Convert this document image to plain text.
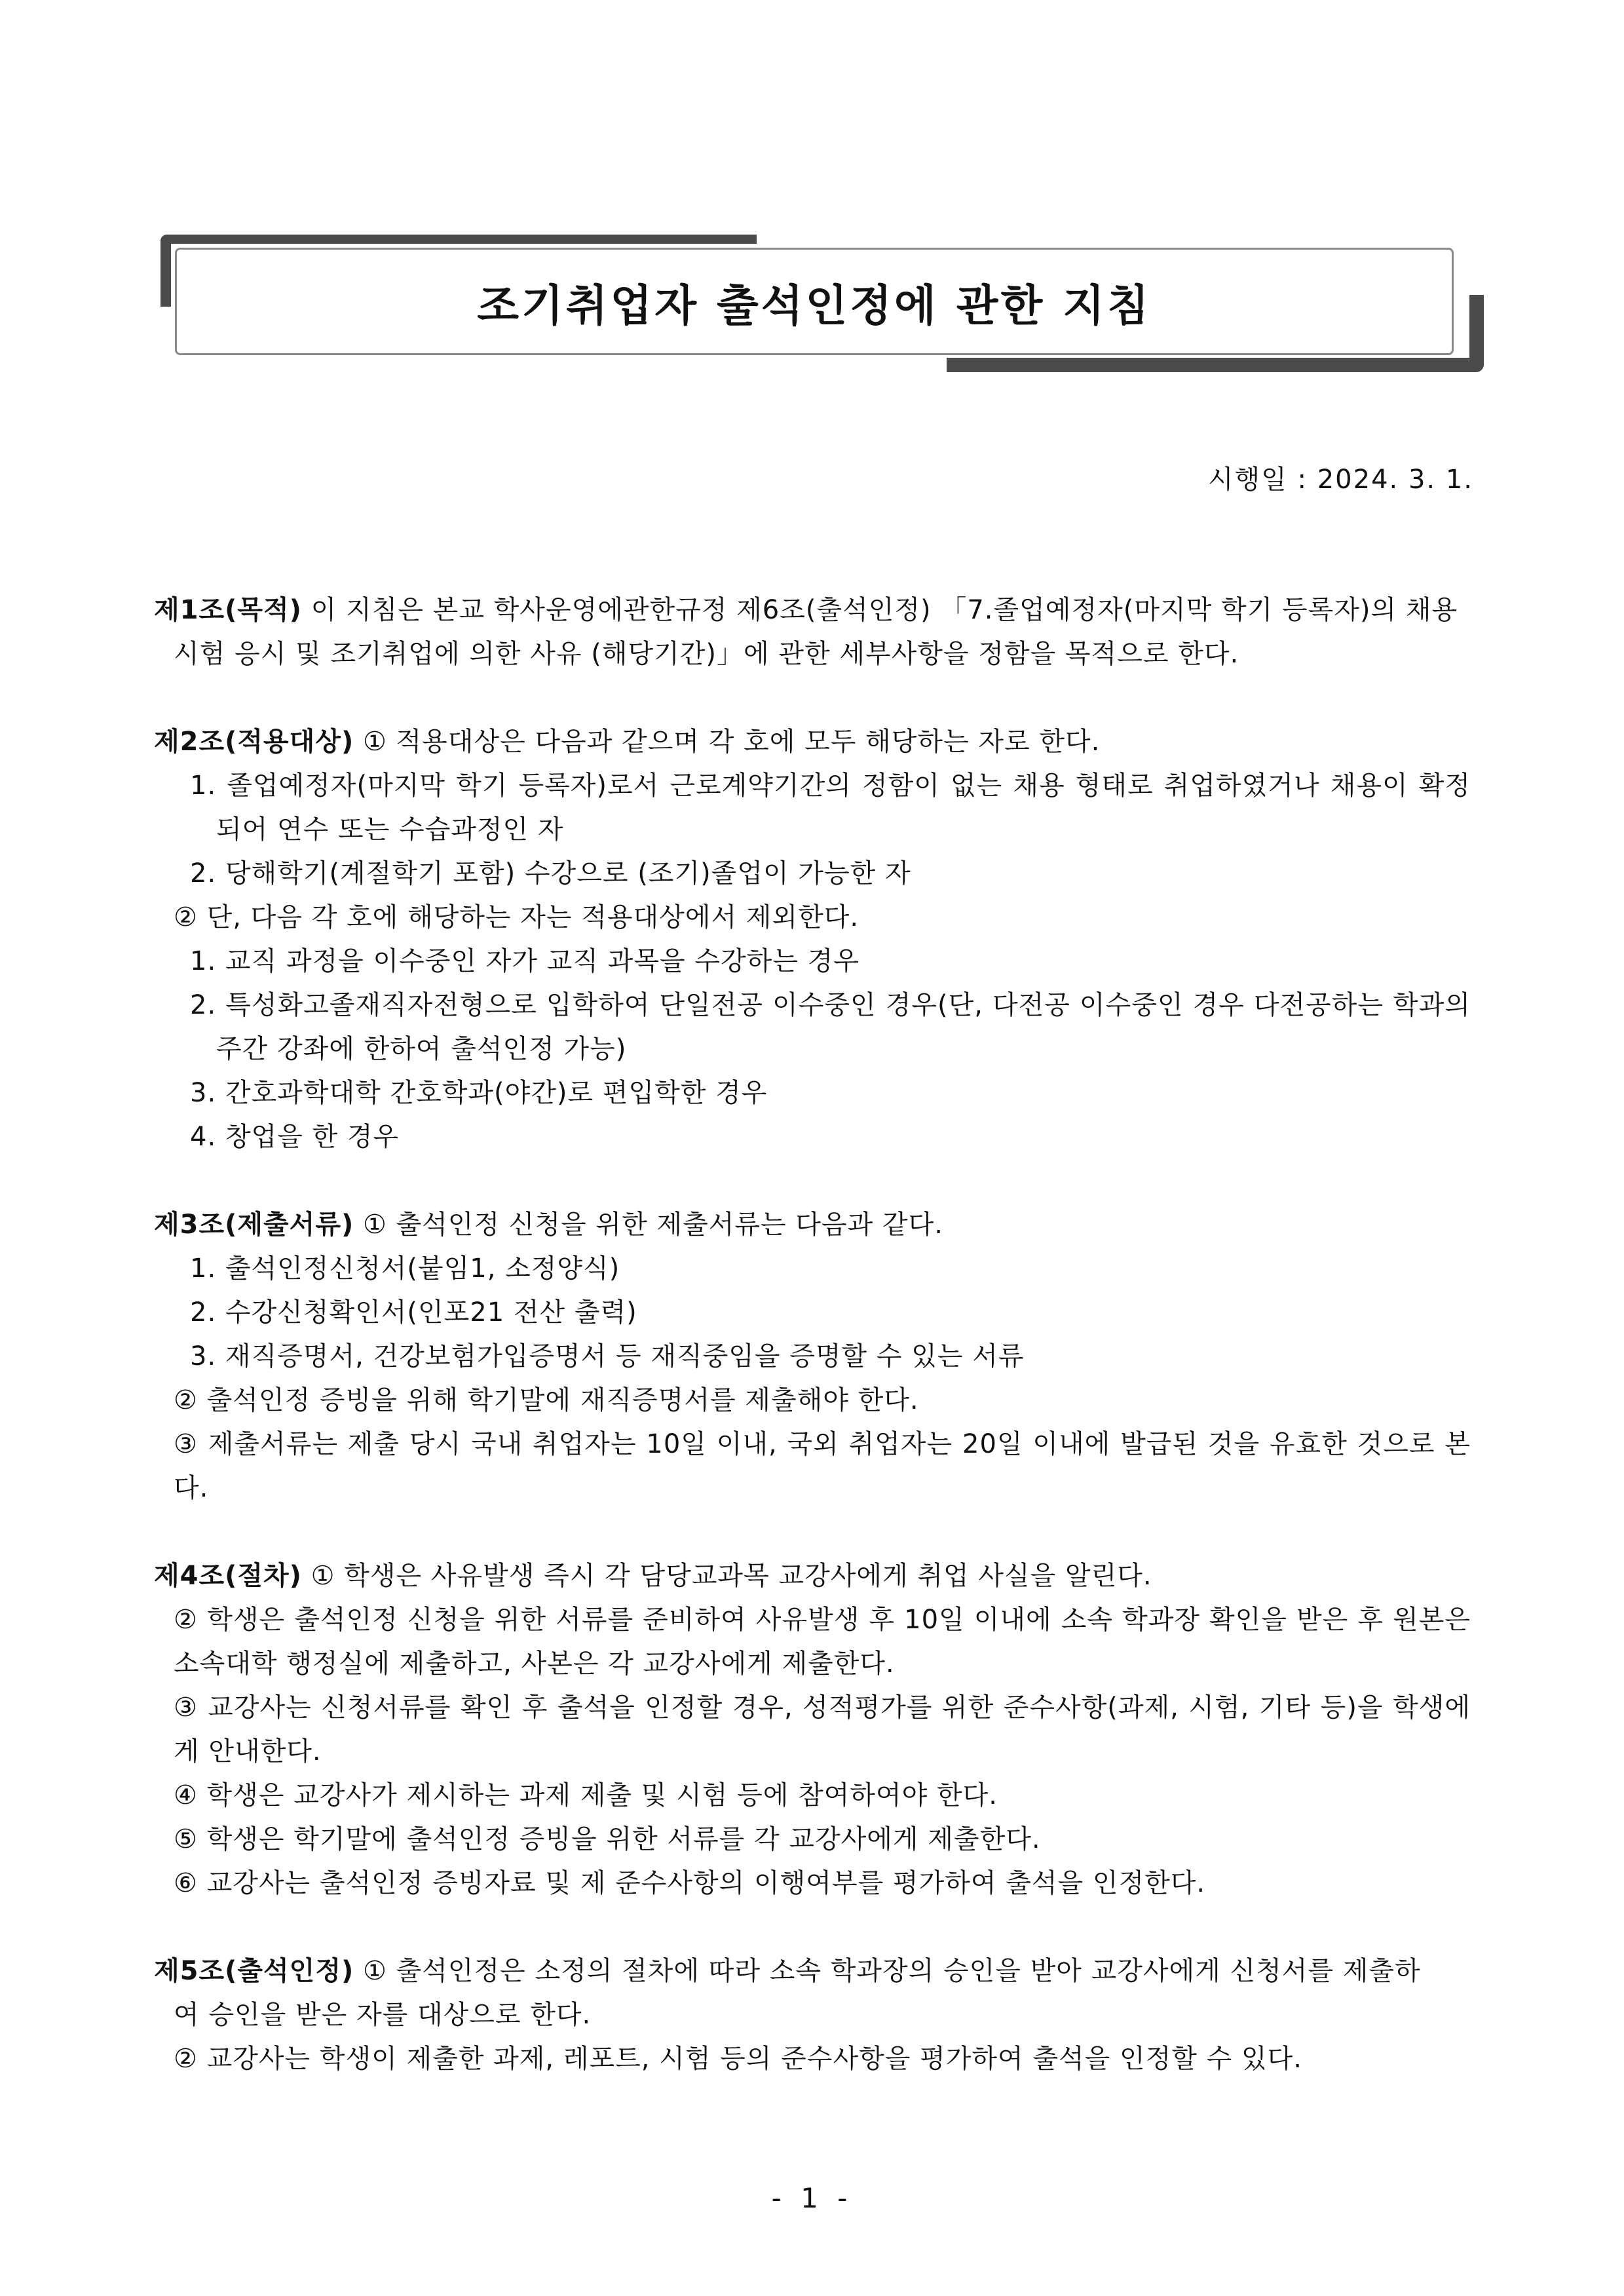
조기취업자 출석인정에 관한 지침
시행일 : 2024. 3. 1.

제1조(목적) 이 지침은 본교 학사운영에관한규정 제6조(출석인정) 「7.졸업예정자(마지막 학기 등록자)의 채용

시험 응시 및 조기취업에 의한 사유 (해당기간)」에 관한 세부사항을 정함을 목적으로 한다.

제2조(적용대상) ① 적용대상은 다음과 같으며 각 호에 모두 해당하는 자로 한다.

1. 졸업예정자(마지막 학기 등록자)로서 근로계약기간의 정함이 없는 채용 형태로 취업하였거나 채용이 확정되어 연수 또는 수습과정인 자

2. 당해학기(계절학기 포함) 수강으로 (조기)졸업이 가능한 자

② 단, 다음 각 호에 해당하는 자는 적용대상에서 제외한다.

1. 교직 과정을 이수중인 자가 교직 과목을 수강하는 경우

2. 특성화고졸재직자전형으로 입학하여 단일전공 이수중인 경우(단, 다전공 이수중인 경우 다전공하는 학과의 주간 강좌에 한하여 출석인정 가능)

3. 간호과학대학 간호학과(야간)로 편입학한 경우

4. 창업을 한 경우

제3조(제출서류) ① 출석인정 신청을 위한 제출서류는 다음과 같다.

1. 출석인정신청서(붙임1, 소정양식)

2. 수강신청확인서(인포21 전산 출력)

3. 재직증명서, 건강보험가입증명서 등 재직중임을 증명할 수 있는 서류

② 출석인정 증빙을 위해 학기말에 재직증명서를 제출해야 한다.

③ 제출서류는 제출 당시 국내 취업자는 10일 이내, 국외 취업자는 20일 이내에 발급된 것을 유효한 것으로 본다.

제4조(절차) ① 학생은 사유발생 즉시 각 담당교과목 교강사에게 취업 사실을 알린다.

② 학생은 출석인정 신청을 위한 서류를 준비하여 사유발생 후 10일 이내에 소속 학과장 확인을 받은 후 원본은 소속대학 행정실에 제출하고, 사본은 각 교강사에게 제출한다.

③ 교강사는 신청서류를 확인 후 출석을 인정할 경우, 성적평가를 위한 준수사항(과제, 시험, 기타 등)을 학생에게 안내한다.

④ 학생은 교강사가 제시하는 과제 제출 및 시험 등에 참여하여야 한다.

⑤ 학생은 학기말에 출석인정 증빙을 위한 서류를 각 교강사에게 제출한다.

⑥ 교강사는 출석인정 증빙자료 및 제 준수사항의 이행여부를 평가하여 출석을 인정한다.

제5조(출석인정) ① 출석인정은 소정의 절차에 따라 소속 학과장의 승인을 받아 교강사에게 신청서를 제출하

여 승인을 받은 자를 대상으로 한다.

② 교강사는 학생이 제출한 과제, 레포트, 시험 등의 준수사항을 평가하여 출석을 인정할 수 있다.

- 1 -
